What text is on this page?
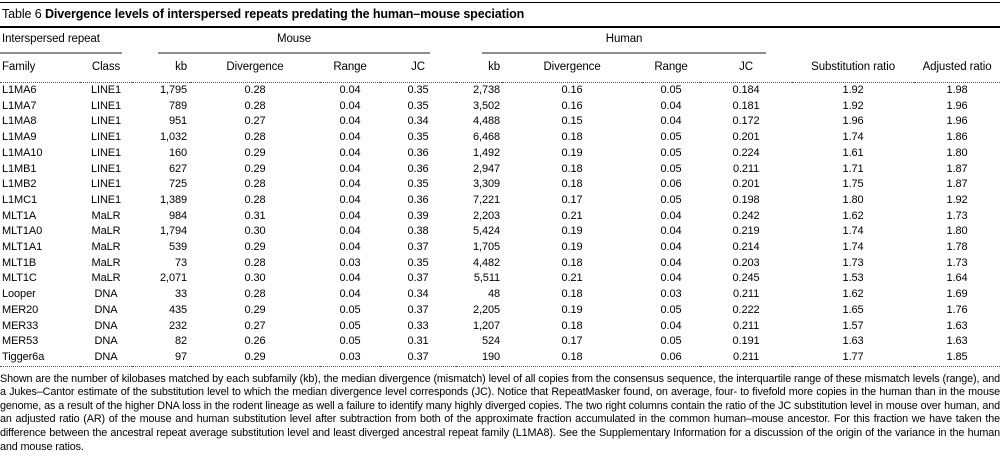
Table 6 Divergence levels of interspersed repeats predating the human–mouse speciation
Interspersed repeat		Mouse				Human					

Family	Class	kb	Divergence	Range	JC	kb	Divergence	Range	JC	Substitution ratio	Adjusted ratio
L1MA6	LINE1	1,795	0.28	0.04	0.35	2,738	0.16	0.05	0.184	1.92	1.98
L1MA7	LINE1	789	0.28	0.04	0.35	3,502	0.16	0.04	0.181	1.92	1.96
L1MA8	LINE1	951	0.27	0.04	0.34	4,488	0.15	0.04	0.172	1.96	1.96
L1MA9	LINE1	1,032	0.28	0.04	0.35	6,468	0.18	0.05	0.201	1.74	1.86
L1MA10	LINE1	160	0.29	0.04	0.36	1,492	0.19	0.05	0.224	1.61	1.80
L1MB1	LINE1	627	0.29	0.04	0.36	2,947	0.18	0.05	0.211	1.71	1.87
L1MB2	LINE1	725	0.28	0.04	0.35	3,309	0.18	0.06	0.201	1.75	1.87
L1MC1	LINE1	1,389	0.28	0.04	0.36	7,221	0.17	0.05	0.198	1.80	1.92
MLT1A	MaLR	984	0.31	0.04	0.39	2,203	0.21	0.04	0.242	1.62	1.73
MLT1A0	MaLR	1,794	0.30	0.04	0.38	5,424	0.19	0.04	0.219	1.74	1.80
MLT1A1	MaLR	539	0.29	0.04	0.37	1,705	0.19	0.04	0.214	1.74	1.78
MLT1B	MaLR	73	0.28	0.03	0.35	4,482	0.18	0.04	0.203	1.73	1.73
MLT1C	MaLR	2,071	0.30	0.04	0.37	5,511	0.21	0.04	0.245	1.53	1.64
Looper	DNA	33	0.28	0.04	0.34	48	0.18	0.03	0.211	1.62	1.69
MER20	DNA	435	0.29	0.05	0.37	2,205	0.19	0.05	0.222	1.65	1.76
MER33	DNA	232	0.27	0.05	0.33	1,207	0.18	0.04	0.211	1.57	1.63
MER53	DNA	82	0.26	0.05	0.31	524	0.17	0.05	0.191	1.63	1.63
Tigger6a	DNA	97	0.29	0.03	0.37	190	0.18	0.06	0.211	1.77	1.85

Shown are the number of kilobases matched by each subfamily (kb), the median divergence (mismatch) level of all copies from the consensus sequence, the interquartile range of these mismatch levels (range), and a Jukes–Cantor estimate of the substitution level to which the median divergence level corresponds (JC). Notice that RepeatMasker found, on average, four- to fivefold more copies in the human than in the mouse genome, as a result of the higher DNA loss in the rodent lineage as well a failure to identify many highly diverged copies. The two right columns contain the ratio of the JC substitution level in mouse over human, and an adjusted ratio (AR) of the mouse and human substitution level after subtraction from both of the approximate fraction accumulated in the common human–mouse ancestor. For this fraction we have taken the difference between the ancestral repeat average substitution level and least diverged ancestral repeat family (L1MA8). See the Supplementary Information for a discussion of the origin of the variance in the human and mouse ratios.
